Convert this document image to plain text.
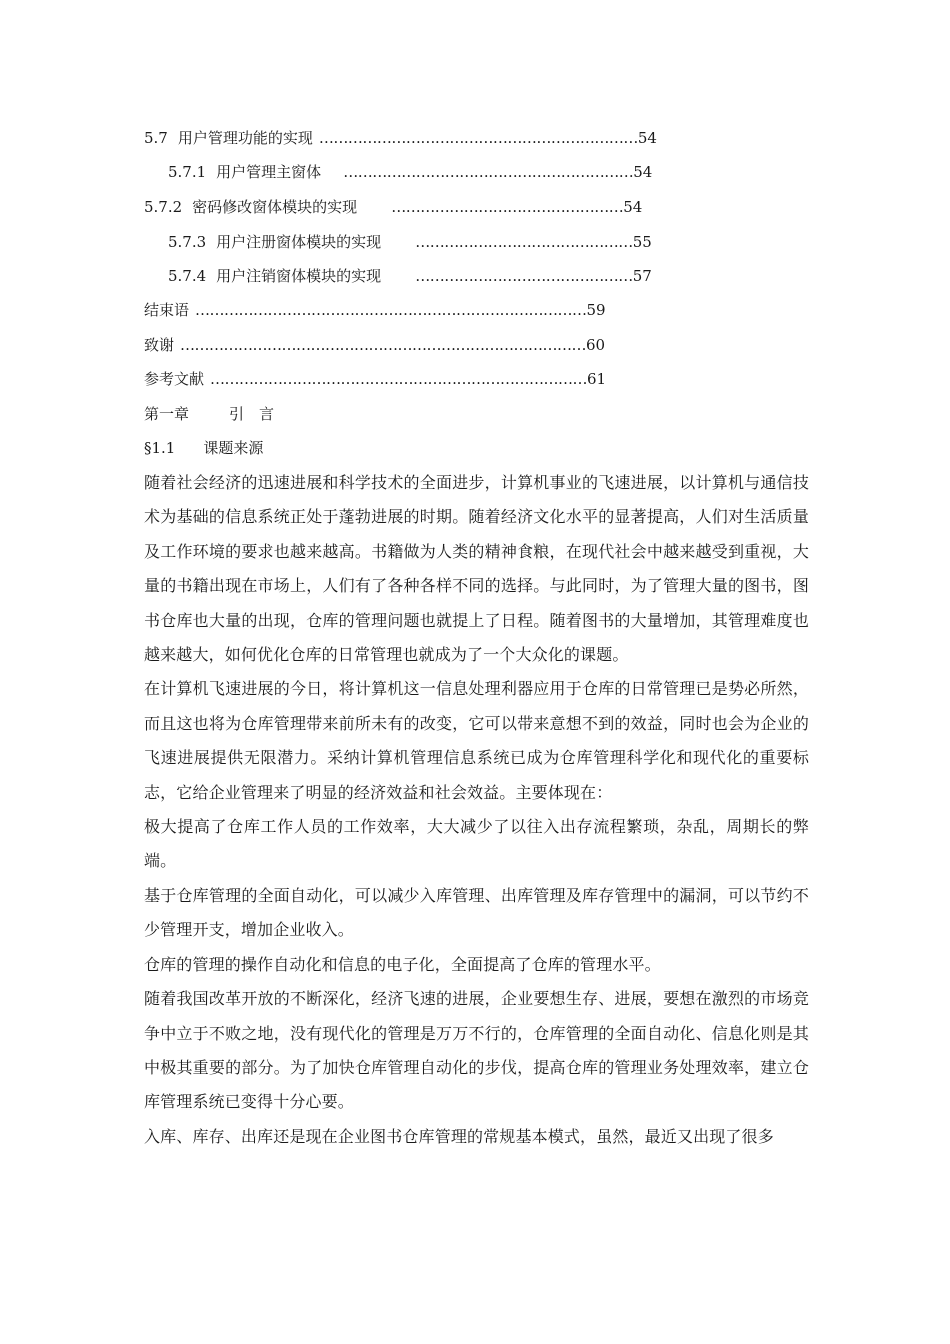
5.7 用户管理功能的实现 …………………………………………………………54
5.7.1 用户管理主窗体 ……………………………………………………54
5.7.2 密码修改窗体模块的实现 …………………………………………54
5.7.3 用户注册窗体模块的实现 ………………………………………55
5.7.4 用户注销窗体模块的实现 ………………………………………57
结束语 ………………………………………………………………………59
致谢 …………………………………………………………………………60
参考文献 ……………………………………………………………………61
第一章	引　言
§1.1 课题来源

随着社会经济的迅速进展和科学技术的全面进步，计算机事业的飞速进展，以计算机与通信技术为基础的信息系统正处于蓬勃进展的时期。随着经济文化水平的显著提高，人们对生活质量及工作环境的要求也越来越高。书籍做为人类的精神食粮，在现代社会中越来越受到重视，大量的书籍出现在市场上，人们有了各种各样不同的选择。与此同时，为了管理大量的图书，图书仓库也大量的出现，仓库的管理问题也就提上了日程。随着图书的大量增加，其管理难度也越来越大，如何优化仓库的日常管理也就成为了一个大众化的课题。

在计算机飞速进展的今日，将计算机这一信息处理利器应用于仓库的日常管理已是势必所然，而且这也将为仓库管理带来前所未有的改变，它可以带来意想不到的效益，同时也会为企业的飞速进展提供无限潜力。采纳计算机管理信息系统已成为仓库管理科学化和现代化的重要标志，它给企业管理来了明显的经济效益和社会效益。主要体现在：

极大提高了仓库工作人员的工作效率，大大减少了以往入出存流程繁琐，杂乱，周期长的弊端。

基于仓库管理的全面自动化，可以减少入库管理、出库管理及库存管理中的漏洞，可以节约不少管理开支，增加企业收入。

仓库的管理的操作自动化和信息的电子化，全面提高了仓库的管理水平。

随着我国改革开放的不断深化，经济飞速的进展，企业要想生存、进展，要想在激烈的市场竞争中立于不败之地，没有现代化的管理是万万不行的，仓库管理的全面自动化、信息化则是其中极其重要的部分。为了加快仓库管理自动化的步伐，提高仓库的管理业务处理效率，建立仓库管理系统已变得十分心要。

入库、库存、出库还是现在企业图书仓库管理的常规基本模式，虽然，最近又出现了很多
